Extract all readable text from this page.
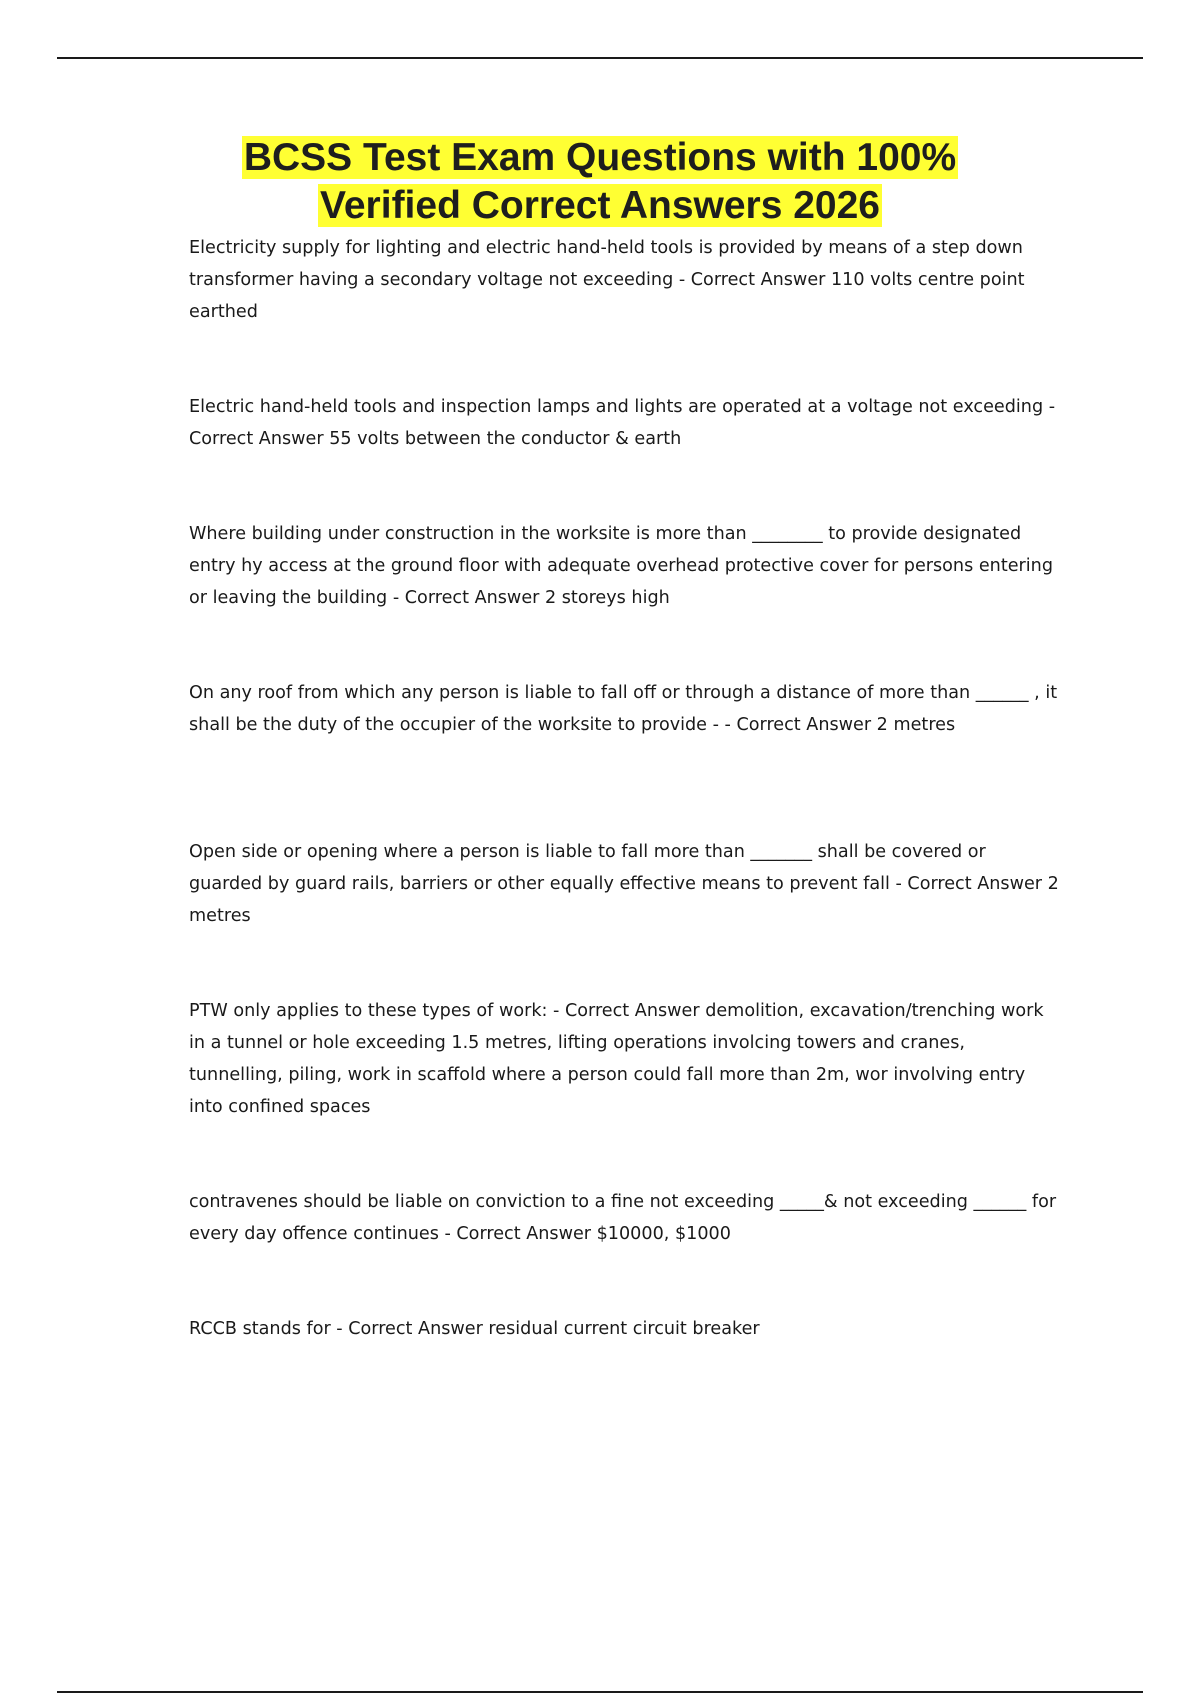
BCSS Test Exam Questions with 100%
Verified Correct Answers 2026

Electricity supply for lighting and electric hand-held tools is provided by means of a step down transformer having a secondary voltage not exceeding - Correct Answer 110 volts centre point earthed

Electric hand-held tools and inspection lamps and lights are operated at a voltage not exceeding - Correct Answer 55 volts between the conductor & earth

Where building under construction in the worksite is more than ________ to provide designated entry hy access at the ground floor with adequate overhead protective cover for persons entering or leaving the building - Correct Answer 2 storeys high

On any roof from which any person is liable to fall off or through a distance of more than ______ , it shall be the duty of the occupier of the worksite to provide - - Correct Answer 2 metres

Open side or opening where a person is liable to fall more than _______ shall be covered or guarded by guard rails, barriers or other equally effective means to prevent fall - Correct Answer 2 metres

PTW only applies to these types of work: - Correct Answer demolition, excavation/trenching work in a tunnel or hole exceeding 1.5 metres, lifting operations involcing towers and cranes, tunnelling, piling, work in scaffold where a person could fall more than 2m, wor involving entry into confined spaces

contravenes should be liable on conviction to a fine not exceeding _____& not exceeding ______ for every day offence continues - Correct Answer $10000, $1000

RCCB stands for - Correct Answer residual current circuit breaker
